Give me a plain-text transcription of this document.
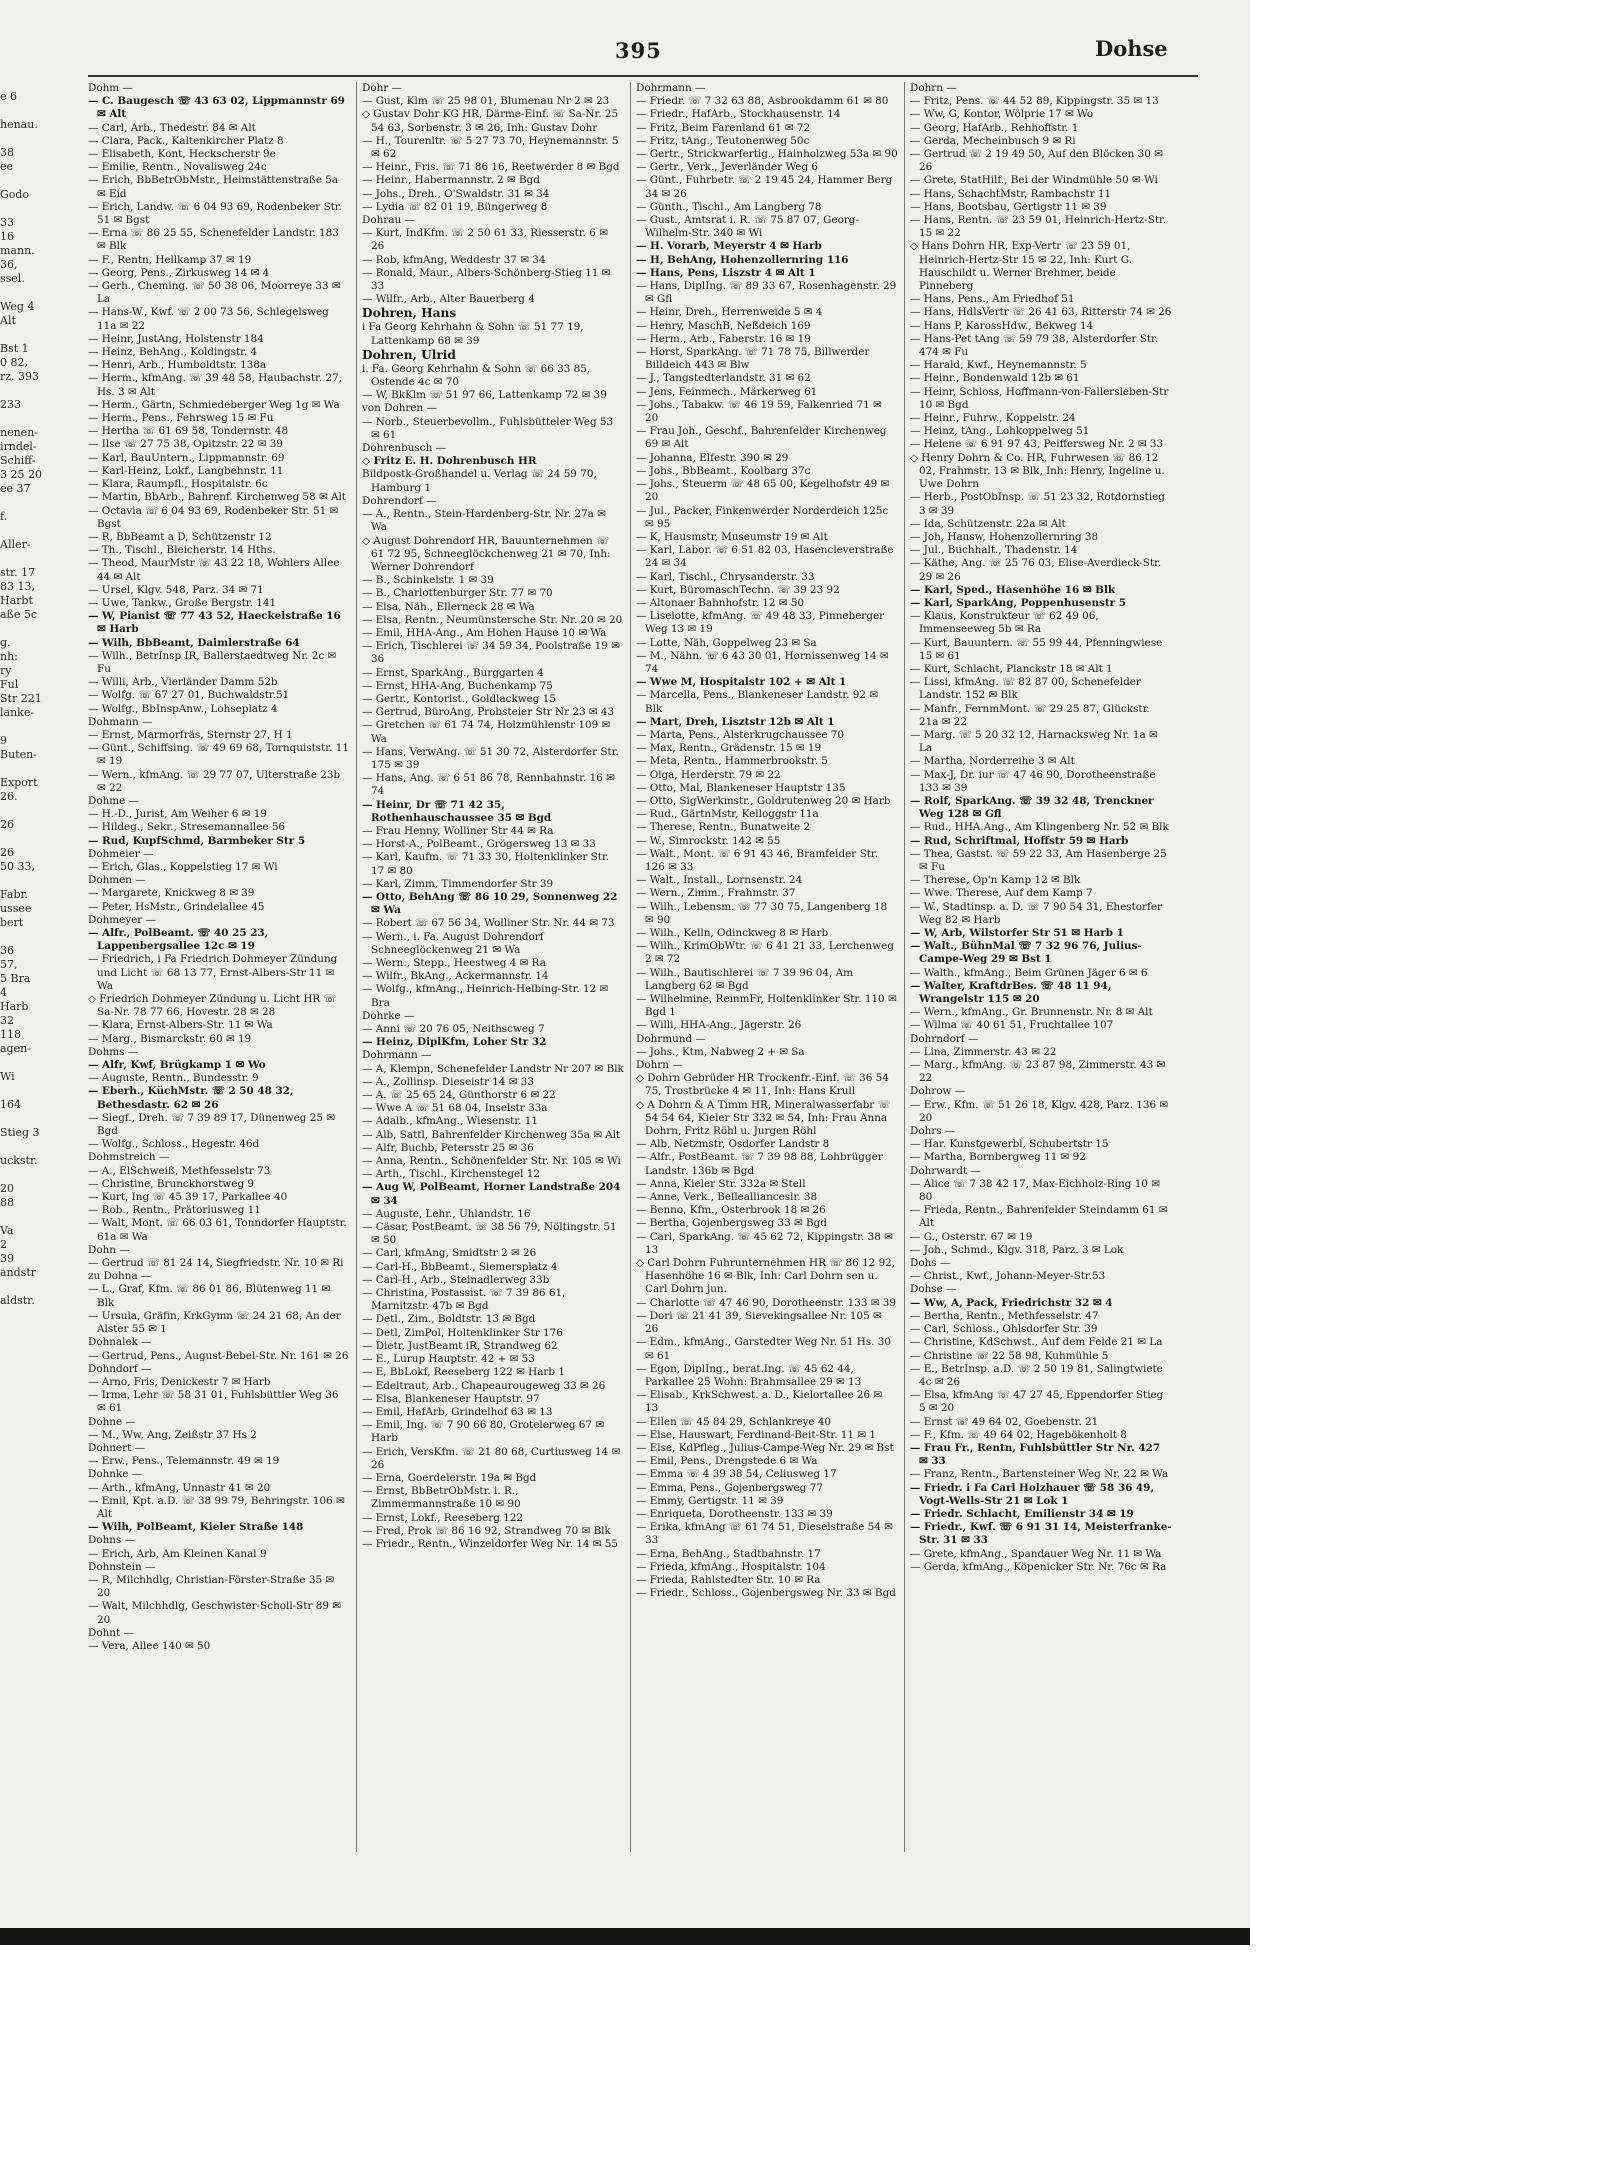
e 6

henau.

38
ee

Godo

33
16
mann.
36,
ssel.

Weg 4
Alt

Bst 1
0 82,
rz. 393

233

nenen-
irndel-
Schiff-
3 25 20
ee 37

f.

Aller-

str. 17
83 13,
Harbt
aße 5c

g.
nh:
ry
Ful
Str 221
lanke-

9
Buten-

Export
26.

26

26
50 33,

Fabr.
ussee
bert

36
57,
5 Bra
4
Harb
32
118
agen-

Wi

164

Stieg 3

uckstr.

20
88

Va
2
39
andstr

aldstr.
395	Dohse
Dohm —
— C. Baugesch ☏ 43 63 02, Lippmannstr 69 ✉ Alt
— Carl, Arb., Thedestr. 84 ✉ Alt
— Clara, Pack., Kaltenkircher Platz 8
— Elisabeth, Kont, Heckscherstr 9e
— Emilie, Rentn., Novalisweg 24c
— Erich, BbBetrObMstr., Heimstättenstraße 5a ✉ Eid
— Erich, Landw. ☏ 6 04 93 69, Rodenbeker Str. 51 ✉ Bgst
— Erna ☏ 86 25 55, Schenefelder Landstr. 183 ✉ Blk
— F., Rentn, Hellkamp 37 ✉ 19
— Georg, Pens., Zirkusweg 14 ✉ 4
— Gerh., Cheming. ☏ 50 38 06, Moorreye 33 ✉ La
— Hans-W., Kwf. ☏ 2 00 73 56, Schlegelsweg 11a ✉ 22
— Heinr, JustAng, Holstenstr 184
— Heinz, BehAng., Koldingstr. 4
— Henri, Arb., Humboldtstr. 138a
— Herm., kfmAng. ☏ 39 48 58, Haubachstr. 27, Hs. 3 ✉ Alt
— Herm., Gärtn, Schmiedeberger Weg 1g ✉ Wa
— Herm., Pens., Fehrsweg 15 ✉ Fu
— Hertha ☏ 61 69 58, Tondernstr. 48
— Ilse ☏ 27 75 38, Opitzstr. 22 ✉ 39
— Karl, BauUntern., Lippmannstr. 69
— Karl-Heinz, Lokf., Langbehnstr. 11
— Klara, Raumpfl., Hospitalstr. 6c
— Martin, BbArb., Bahrenf. Kirchenweg 58 ✉ Alt
— Octavia ☏ 6 04 93 69, Rodenbeker Str. 51 ✉ Bgst
— R, BbBeamt a D, Schützenstr 12
— Th., Tischl., Bleicherstr. 14 Hths.
— Theod, MaurMstr ☏ 43 22 18, Wohlers Allee 44 ✉ Alt
— Ursel, Klgv. 548, Parz. 34 ✉ 71
— Uwe, Tankw., Große Bergstr. 141
— W, Pianist ☏ 77 43 52, Haeckelstraße 16 ✉ Harb
— Wilh, BbBeamt, Daimlerstraße 64
— Wilh., BetrInsp IR, Ballerstaedtweg Nr. 2c ✉ Fu
— Willi, Arb., Vierländer Damm 52b
— Wolfg. ☏ 67 27 01, Buchwaldstr.51
— Wolfg., BbInspAnw., Lohseplatz 4
Dohmann —
— Ernst, Marmorfräs, Sternstr 27, H 1
— Günt., Schiffsing. ☏ 49 69 68, Tornquiststr. 11 ✉ 19
— Wern., kfmAng. ☏ 29 77 07, Ulterstraße 23b ✉ 22
Dohme —
— H.-D., Jurist, Am Weiher 6 ✉ 19
— Hildeg., Sekr., Stresemannallee 56
— Rud, KupfSchmd, Barmbeker Str 5
Dohmeier —
— Erich, Glas., Koppelstieg 17 ✉ Wi
Dohmen —
— Margarete, Knickweg 8 ✉ 39
— Peter, HsMstr., Grindelallee 45
Dohmeyer —
— Alfr., PolBeamt. ☏ 40 25 23, Lappenbergsallee 12c ✉ 19
— Friedrich, i Fa Friedrich Dohmeyer Zündung und Licht ☏ 68 13 77, Ernst-Albers-Str 11 ✉ Wa
◇ Friedrich Dohmeyer Zündung u. Licht HR ☏ Sa-Nr. 78 77 66, Hovestr. 28 ✉ 28
— Klara, Ernst-Albers-Str. 11 ✉ Wa
— Marg., Bismarckstr. 60 ✉ 19
Dohms —
— Alfr, Kwf, Brügkamp 1 ✉ Wo
— Auguste, Rentn., Bundesstr. 9
— Eberh., KüchMstr. ☏ 2 50 48 32, Bethesdastr. 62 ✉ 26
— Siegf., Dreh. ☏ 7 39 89 17, Dünenweg 25 ✉ Bgd
— Wolfg., Schloss., Hegestr. 46d
Dohmstreich —
— A., ElSchweiß, Methfesselstr 73
— Christine, Brunckhorstweg 9
— Kurt, Ing ☏ 45 39 17, Parkallee 40
— Rob., Rentn., Prätoriusweg 11
— Walt, Mont. ☏ 66 03 61, Tonndorfer Hauptstr. 61a ✉ Wa
Dohn —
— Gertrud ☏ 81 24 14, Siegfriedstr. Nr. 10 ✉ Ri
zu Dohna —
— L., Graf, Kfm. ☏ 86 01 86, Blütenweg 11 ✉ Blk
— Ursula, Gräfin, KrkGymn ☏ 24 21 68, An der Alster 55 ✉ 1
Dohnalek —
— Gertrud, Pens., August-Bebel-Str. Nr. 161 ✉ 26
Dohndorf —
— Arno, Fris, Denickestr 7 ✉ Harb
— Irma, Lehr ☏ 58 31 01, Fuhlsbüttler Weg 36 ✉ 61
Dohne —
— M., Ww, Ang, Zeißstr 37 Hs 2
Dohnert —
— Erw., Pens., Telemannstr. 49 ✉ 19
Dohnke —
— Arth., kfmAng, Unnastr 41 ✉ 20
— Emil, Kpt. a.D. ☏ 38 99 79, Behringstr. 106 ✉ Alt
— Wilh, PolBeamt, Kieler Straße 148
Dohns —
— Erich, Arb, Am Kleinen Kanal 9
Dohnstein —
— R, Milchhdlg, Christian-Förster-Straße 35 ✉ 20
— Walt, Milchhdlg, Geschwister-Scholl-Str 89 ✉ 20
Dohnt —
— Vera, Allee 140 ✉ 50
Dohr —
— Gust, Klm ☏ 25 98 01, Blumenau Nr 2 ✉ 23
◇ Gustav Dohr KG HR, Därme-Einf. ☏ Sa-Nr. 25 54 63, Sorbenstr. 3 ✉ 26, Inh: Gustav Dohr
— H., Tourenltr. ☏ 5 27 73 70, Heynemannstr. 5 ✉ 62
— Heinr., Fris. ☏ 71 86 16, Reetwerder 8 ✉ Bgd
— Heinr., Habermannstr. 2 ✉ Bgd
— Johs., Dreh., O'Swaldstr. 31 ✉ 34
— Lydia ☏ 82 01 19, Büngerweg 8
Dohrau —
— Kurt, IndKfm. ☏ 2 50 61 33, Riesserstr. 6 ✉ 26
— Rob, kfmAng, Weddestr 37 ✉ 34
— Ronald, Maur., Albers-Schönberg-Stieg 11 ✉ 33
— Wilfr., Arb., Alter Bauerberg 4
Dohren, Hans
i Fa Georg Kehrhahn & Sohn ☏ 51 77 19, Lattenkamp 68 ✉ 39
Dohren, Ulrid
i. Fa. Georg Kehrhahn & Sohn ☏ 66 33 85, Ostende 4c ✉ 70
— W, BkKlm ☏ 51 97 66, Lattenkamp 72 ✉ 39
von Dohren —
— Norb., Steuerbevollm., Fuhlsbütteler Weg 53 ✉ 61
Dohrenbusch —
◇ Fritz E. H. Dohrenbusch HR
Bildpostk-Großhandel u. Verlag ☏ 24 59 70, Hamburg 1
Dohrendorf —
— A., Rentn., Stein-Hardenberg-Str. Nr. 27a ✉ Wa
◇ August Dohrendorf HR, Bauunternehmen ☏ 61 72 95, Schneeglöckchenweg 21 ✉ 70, Inh: Werner Dohrendorf
— B., Schinkelstr. 1 ✉ 39
— B., Charlottenburger Str. 77 ✉ 70
— Elsa, Näh., Ellerneck 28 ✉ Wa
— Elsa, Rentn., Neumünstersche Str. Nr. 20 ✉ 20
— Emil, HHA-Ang., Am Hohen Hause 10 ✉ Wa
— Erich, Tischlerei ☏ 34 59 34, Poolstraße 19 ✉ 36
— Ernst, SparkAng., Burggarten 4
— Ernst, HHA-Ang, Buchenkamp 75
— Gertr., Kontorist., Goldlackweg 15
— Gertrud, BüroAng, Probsteier Str Nr 23 ✉ 43
— Gretchen ☏ 61 74 74, Holzmühlenstr 109 ✉ Wa
— Hans, VerwAng. ☏ 51 30 72, Alsterdorfer Str. 175 ✉ 39
— Hans, Ang. ☏ 6 51 86 78, Rennbahnstr. 16 ✉ 74
— Heinr, Dr ☏ 71 42 35, Rothenhauschaussee 35 ✉ Bgd
— Frau Henny, Wolliner Str 44 ✉ Ra
— Horst-A., PolBeamt., Grögersweg 13 ✉ 33
— Karl, Kaufm. ☏ 71 33 30, Holtenklinker Str. 17 ✉ 80
— Karl, Zimm, Timmendorfer Str 39
— Otto, BehAng ☏ 86 10 29, Sonnenweg 22 ✉ Wa
— Robert ☏ 67 56 34, Wolliner Str. Nr. 44 ✉ 73
— Wern., i. Fa. August Dohrendorf Schneeglöckenweg 21 ✉ Wa
— Wern., Stepp., Heestweg 4 ✉ Ra
— Wilfr., BkAng., Ackermannstr. 14
— Wolfg., kfmAng., Heinrich-Helbing-Str. 12 ✉ Bra
Dohrke —
— Anni ☏ 20 76 05, Neithscweg 7
— Heinz, DiplKfm, Loher Str 32
Dohrmann —
— A, Klempn, Schenefelder Landstr Nr 207 ✉ Blk
— A., Zollinsp. Dieseistr 14 ✉ 33
— A. ☏ 25 65 24, Günthorstr 6 ✉ 22
— Wwe A ☏ 51 68 04, Inselstr 33a
— Adalb., kfmAng., Wiesenstr. 11
— Alb, Sattl, Bahrenfelder Kirchenweg 35a ✉ Alt
— Alfr, Buchb, Petersstr 25 ✉ 36
— Anna, Rentn., Schönenfelder Str. Nr. 105 ✉ Wi
— Arth., Tischl., Kirchenstegel 12
— Aug W, PolBeamt, Horner Landstraße 204 ✉ 34
— Auguste, Lehr., Uhlandstr. 16
— Cäsar, PostBeamt. ☏ 38 56 79, Nöltingstr. 51 ✉ 50
— Carl, kfmAng, Smidtstr 2 ✉ 26
— Carl-H., BbBeamt., Siemersplatz 4
— Carl-H., Arb., Steinadlerweg 33b
— Christina, Postassist. ☏ 7 39 86 61, Marnitzstr. 47b ✉ Bgd
— Detl., Zim., Boldtstr. 13 ✉ Bgd
— Detl, ZimPol, Holtenklinker Str 176
— Dietr, JustBeamt iR, Strandweg 62
— E., Lurup Hauptstr. 42 + ✉ 53
— E, BbLokf, Reeseberg 122 ✉ Harb 1
— Edeltraut, Arb., Chapeaurougeweg 33 ✉ 26
— Elsa, Blankeneser Hauptstr. 97
— Emil, HafArb, Grindelhof 63 ✉ 13
— Emil, Ing. ☏ 7 90 66 80, Grotelerweg 67 ✉ Harb
— Erich, VersKfm. ☏ 21 80 68, Curtiusweg 14 ✉ 26
— Erna, Goerdelerstr. 19a ✉ Bgd
— Ernst, BbBetrObMstr. i. R., Zimmermannstraße 10 ✉ 90
— Ernst, Lokf., Reeseberg 122
— Fred, Prok ☏ 86 16 92, Strandweg 70 ✉ Blk
— Friedr., Rentn., Winzeldorfer Weg Nr. 14 ✉ 55
Dohrmann —
— Friedr. ☏ 7 32 63 88, Asbrookdamm 61 ✉ 80
— Friedr., HafArb., Stockhausenstr. 14
— Fritz, Beim Farenland 61 ✉ 72
— Fritz, tAng., Teutonenweg 50c
— Gertr., Strickwarfertig., Hainholzweg 53a ✉ 90
— Gertr., Verk., Jeverländer Weg 6
— Günt., Fuhrbetr. ☏ 2 19 45 24, Hammer Berg 34 ✉ 26
— Günth., Tischl., Am Langberg 78
— Gust., Amtsrat i. R. ☏ 75 87 07, Georg-Wilhelm-Str. 340 ✉ Wi
— H. Vorarb, Meyerstr 4 ✉ Harb
— H, BehAng, Hohenzollernring 116
— Hans, Pens, Liszstr 4 ✉ Alt 1
— Hans, DiplIng. ☏ 89 33 67, Rosenhagenstr. 29 ✉ Gfl
— Heinr, Dreh., Herrenweide 5 ✉ 4
— Henry, MaschB, Neßdeich 169
— Herm., Arb., Faberstr. 16 ✉ 19
— Horst, SparkAng. ☏ 71 78 75, Billwerder Billdeich 443 ✉ Blw
— J., Tangstedterlandstr. 31 ✉ 62
— Jens, Feinmech., Märkerweg 61
— Johs., Tabakw. ☏ 46 19 59, Falkenried 71 ✉ 20
— Frau Joh., Geschf., Bahrenfelder Kirchenweg 69 ✉ Alt
— Johanna, Elfestr. 390 ✉ 29
— Johs., BbBeamt., Koolbarg 37c
— Johs., Steuerm ☏ 48 65 00, Kegelhofstr 49 ✉ 20
— Jul., Packer, Finkenwerder Norderdeich 125c ✉ 95
— K, Hausmstr, Museumstr 19 ✉ Alt
— Karl, Labor. ☏ 6 51 82 03, Hasencleverstraße 24 ✉ 34
— Karl, Tischl., Chrysanderstr. 33
— Kurt, BüromaschTechn. ☏ 39 23 92
— Altonaer Bahnhofstr. 12 ✉ 50
— Liselotte, kfmAng. ☏ 49 48 33, Pinneberger Weg 13 ✉ 19
— Lotte, Näh, Goppelweg 23 ✉ Sa
— M., Nähn. ☏ 6 43 30 01, Hornissenweg 14 ✉ 74
— Wwe M, Hospitalstr 102 + ✉ Alt 1
— Marcella, Pens., Blankeneser Landstr. 92 ✉ Blk
— Mart, Dreh, Lisztstr 12b ✉ Alt 1
— Marta, Pens., Alsterkrugchaussee 70
— Max, Rentn., Grädenstr. 15 ✉ 19
— Meta, Rentn., Hammerbrookstr. 5
— Olga, Herderstr. 79 ✉ 22
— Otto, Mal, Blankeneser Hauptstr 135
— Otto, SigWerkmstr., Goldrutenweg 20 ✉ Harb
— Rud., GärtnMstr, Kelloggstr 11a
— Therese, Rentn., Bunatweite 2
— W., Simrockstr. 142 ✉ 55
— Walt., Mont. ☏ 6 91 43 46, Bramfelder Str. 126 ✉ 33
— Walt., Install., Lornsenstr. 24
— Wern., Zimm., Frahmstr. 37
— Wilh., Lebensm. ☏ 77 30 75, Langenberg 18 ✉ 90
— Wilh., Kelln, Odinckweg 8 ✉ Harb
— Wilh., KrimObWtr. ☏ 6 41 21 33, Lerchenweg 2 ✉ 72
— Wilh., Bautischlerei ☏ 7 39 96 04, Am Langberg 62 ✉ Bgd
— Wilhelmine, ReinmFr, Holtenklinker Str. 110 ✉ Bgd 1
— Willi, HHA-Ang., Jägerstr. 26
Dohrmund —
— Johs., Ktm, Nabweg 2 + ✉ Sa
Dohrn —
◇ Dohrn Gebrüder HR Trockenfr.-Einf. ☏ 36 54 75, Trostbrücke 4 ✉ 11, Inh: Hans Krull
◇ A Dohrn & A Timm HR, Mineralwasserfabr ☏ 54 54 64, Kieler Str 332 ✉ 54, Inh: Frau Anna Dohrn, Fritz Röhl u. Jurgen Röhl
— Alb, Netzmstr, Osdorfer Landstr 8
— Alfr., PostBeamt. ☏ 7 39 98 88, Lohbrügger Landstr. 136b ✉ Bgd
— Anna, Kieler Str. 332a ✉ Stell
— Anne, Verk., Belleallianceslr. 38
— Benno, Kfm., Osterbrook 18 ✉ 26
— Bertha, Gojenbergsweg 33 ✉ Bgd
— Carl, SparkAng. ☏ 45 62 72, Kippingstr. 38 ✉ 13
◇ Carl Dohrn Fuhrunternehmen HR ☏ 86 12 92, Hasenhöhe 16 ✉ Blk, Inh: Carl Dohrn sen u. Carl Dohrn jun.
— Charlotte ☏ 47 46 90, Dorotheenstr. 133 ✉ 39
— Dori ☏ 21 41 39, Sievekingsallee Nr. 105 ✉ 26
— Edm., kfmAng., Garstedter Weg Nr. 51 Hs. 30 ✉ 61
— Egon, DiplIng., berat.Ing. ☏ 45 62 44, Parkallee 25 Wohn: Brahmsallee 29 ✉ 13
— Elisab., KrkSchwest. a. D., Kielortallee 26 ✉ 13
— Ellen ☏ 45 84 29, Schlankreye 40
— Else, Hauswart, Ferdinand-Beit-Str. 11 ✉ 1
— Else, KdPfleg., Julius-Campe-Weg Nr. 29 ✉ Bst
— Emil, Pens., Drengstede 6 ✉ Wa
— Emma ☏ 4 39 38 54, Celiusweg 17
— Emma, Pens., Gojenbergsweg 77
— Emmy, Gertigstr. 11 ✉ 39
— Enriqueta, Dorotheenstr. 133 ✉ 39
— Erika, kfmAng ☏ 61 74 51, Dieselstraße 54 ✉ 33
— Erna, BehAng., Stadtbahnstr. 17
— Frieda, kfmAng., Hospitalstr. 104
— Frieda, Rahlstedter Str. 10 ✉ Ra
— Friedr., Schloss., Gojenbergsweg Nr. 33 ✉ Bgd
Dohrn —
— Fritz, Pens. ☏ 44 52 89, Kippingstr. 35 ✉ 13
— Ww, G, Kontor, Wölprie 17 ✉ Wo
— Georg, HafArb., Rehhoffstr. 1
— Gerda, Mecheinbusch 9 ✉ Ri
— Gertrud ☏ 2 19 49 50, Auf den Blöcken 30 ✉ 26
— Grete, StatHilf., Bei der Windmühle 50 ✉ Wi
— Hans, SchachtMstr, Rambachstr 11
— Hans, Bootsbau, Gertigstr 11 ✉ 39
— Hans, Rentn. ☏ 23 59 01, Heinrich-Hertz-Str. 15 ✉ 22
◇ Hans Dohrn HR, Exp-Vertr ☏ 23 59 01, Heinrich-Hertz-Str 15 ✉ 22, Inh: Kurt G. Hauschildt u. Werner Brehmer, beide Pinneberg
— Hans, Pens., Am Friedhof 51
— Hans, HdlsVertr ☏ 26 41 63, Ritterstr 74 ✉ 26
— Hans P, KarossHdw., Bekweg 14
— Hans-Pet tAng ☏ 59 79 38, Alsterdorfer Str. 474 ✉ Fu
— Harald, Kwf., Heynemannstr. 5
— Heinr., Bondenwald 12b ✉ 61
— Heinr, Schloss, Hoffmann-von-Fallersleben-Str 10 ✉ Bgd
— Heinr., Fuhrw., Koppelstr. 24
— Heinz, tAng., Lohkoppelweg 51
— Helene ☏ 6 91 97 43, Peiffersweg Nr. 2 ✉ 33
◇ Henry Dohrn & Co. HR, Fuhrwesen ☏ 86 12 02, Frahmstr. 13 ✉ Blk, Inh: Henry, Ingeline u. Uwe Dohrn
— Herb., PostObInsp. ☏ 51 23 32, Rotdornstieg 3 ✉ 39
— Ida, Schützenstr. 22a ✉ Alt
— Joh, Hausw, Hohenzollernring 38
— Jul., Buchhalt., Thadenstr. 14
— Käthe, Ang. ☏ 25 76 03, Elise-Averdieck-Str. 29 ✉ 26
— Karl, Sped., Hasenhöhe 16 ✉ Blk
— Karl, SparkAng, Poppenhusenstr 5
— Klaus, Konstrukteur ☏ 62 49 06, Immenseeweg 5b ✉ Ra
— Kurt, Bauuntern. ☏ 55 99 44, Pfenningwiese 15 ✉ 61
— Kurt, Schlacht, Planckstr 18 ✉ Alt 1
— Lissi, kfmAng. ☏ 82 87 00, Schenefelder Landstr. 152 ✉ Blk
— Manfr., FernmMont. ☏ 29 25 87, Glückstr. 21a ✉ 22
— Marg. ☏ 5 20 32 12, Harnacksweg Nr. 1a ✉ La
— Martha, Norderreihe 3 ✉ Alt
— Max-J, Dr. iur ☏ 47 46 90, Dorotheenstraße 133 ✉ 39
— Rolf, SparkAng. ☏ 39 32 48, Trenckner Weg 128 ✉ Gfl
— Rud., HHA.Ang., Am Klingenberg Nr. 52 ✉ Blk
— Rud, Schriftmal, Hoffstr 59 ✉ Harb
— Thea, Gastst. ☏ 59 22 33, Am Hasenberge 25 ✉ Fu
— Therese, Op'n Kamp 12 ✉ Blk
— Wwe. Therese, Auf dem Kamp 7
— W., Stadtinsp. a. D. ☏ 7 90 54 31, Ehestorfer Weg 82 ✉ Harb
— W, Arb, Wilstorfer Str 51 ✉ Harb 1
— Walt., BühnMal ☏ 7 32 96 76, Julius-Campe-Weg 29 ✉ Bst 1
— Walth., kfmAng., Beim Grünen Jäger 6 ✉ 6
— Walter, KraftdrBes. ☏ 48 11 94, Wrangelstr 115 ✉ 20
— Wern., kfmAng., Gr. Brunnenstr. Nr. 8 ✉ Alt
— Wilma ☏ 40 61 51, Fruchtallee 107
Dohrndorf —
— Lina, Zimmerstr. 43 ✉ 22
— Marg., kfmAng. ☏ 23 87 98, Zimmerstr. 43 ✉ 22
Dohrow —
— Erw., Kfm. ☏ 51 26 18, Klgv. 428, Parz. 136 ✉ 20
Dohrs —
— Har. Kunstgewerbl, Schubertstr 15
— Martha, Bornbergweg 11 ✉ 92
Dohrwardt —
— Alice ☏ 7 38 42 17, Max-Eichholz-Ring 10 ✉ 80
— Frieda, Rentn., Bahrenfelder Steindamm 61 ✉ Alt
— G., Osterstr. 67 ✉ 19
— Joh., Schmd., Klgv. 318, Parz. 3 ✉ Lok
Dohs —
— Christ., Kwf., Johann-Meyer-Str.53
Dohse —
— Ww, A, Pack, Friedrichstr 32 ✉ 4
— Bertha, Rentn., Methfesselstr. 47
— Carl, Schloss., Ohlsdorfer Str. 39
— Christine, KdSchwst., Auf dem Felde 21 ✉ La
— Christine ☏ 22 58 98, Kuhmühle 5
— E., BetrInsp. a.D. ☏ 2 50 19 81, Salingtwiete 4c ✉ 26
— Elsa, kfmAng ☏ 47 27 45, Eppendorfer Stieg 5 ✉ 20
— Ernst ☏ 49 64 02, Goebenstr. 21
— F., Kfm. ☏ 49 64 02, Hagebökenholt 8
— Frau Fr., Rentn, Fuhlsbüttler Str Nr. 427 ✉ 33
— Franz, Rentn., Bartensteiner Weg Nr. 22 ✉ Wa
— Friedr. i Fa Carl Holzhauer ☏ 58 36 49, Vogt-Wells-Str 21 ✉ Lok 1
— Friedr. Schlacht, Emilienstr 34 ✉ 19
— Friedr., Kwf. ☏ 6 91 31 14, Meisterfranke-Str. 31 ✉ 33
— Grete, kfmAng., Spandauer Weg Nr. 11 ✉ Wa
— Gerda, kfmAng., Köpenicker Str. Nr. 76c ✉ Ra
